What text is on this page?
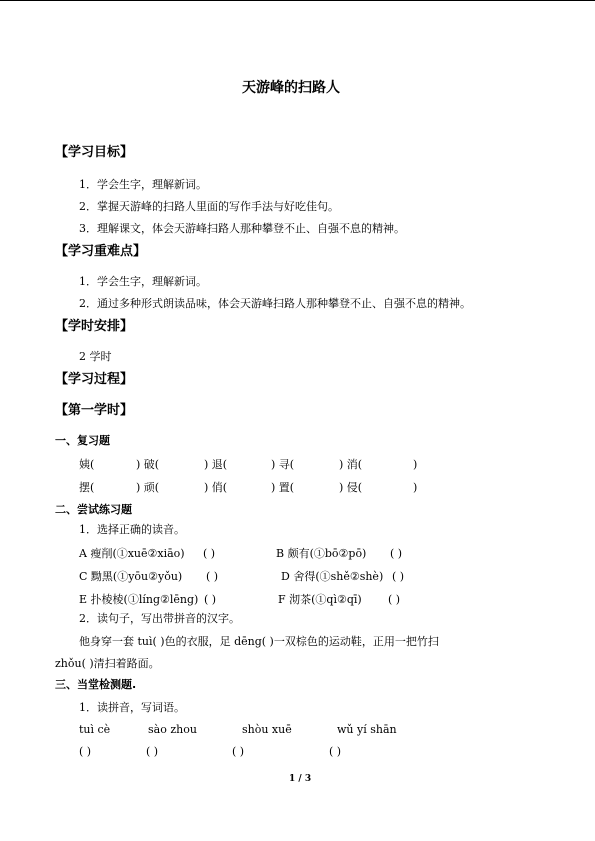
天游峰的扫路人
【学习目标】
1．学会生字，理解新词。
2．掌握天游峰的扫路人里面的写作手法与好吃佳句。
3．理解课文，体会天游峰扫路人那种攀登不止、自强不息的精神。
【学习重难点】
1．学会生字，理解新词。
2．通过多种形式朗读品味，体会天游峰扫路人那种攀登不止、自强不息的精神。
【学时安排】
2 学时
【学习过程】
【第一学时】
一、复习题
姨(	) 破(	) 退(	) 寻(	) 消(	)
摆(	) 顽(	) 俏(	) 置(	) 侵(	)
二、尝试练习题
1．选择正确的读音。
A 瘦削(①xuē②xiāo) ( )	B 颇有(①bō②pō) ( )
C 黝黑(①yōu②yǒu) ( )	D 舍得(①shě②shè) ( )
E 扑棱棱(①líng②lēng) ( )	F 沏茶(①qì②qī) ( )
2．读句子，写出带拼音的汉字。
他身穿一套 tuì( )色的衣服，足 dēng( )一双棕色的运动鞋，正用一把竹扫
zhǒu( )清扫着路面。
三、当堂检测题.
1．读拼音，写词语。
tuì cè	sào zhou	shòu xuē	wǔ yí shān
( )	( )	( )	( )
1 / 3
